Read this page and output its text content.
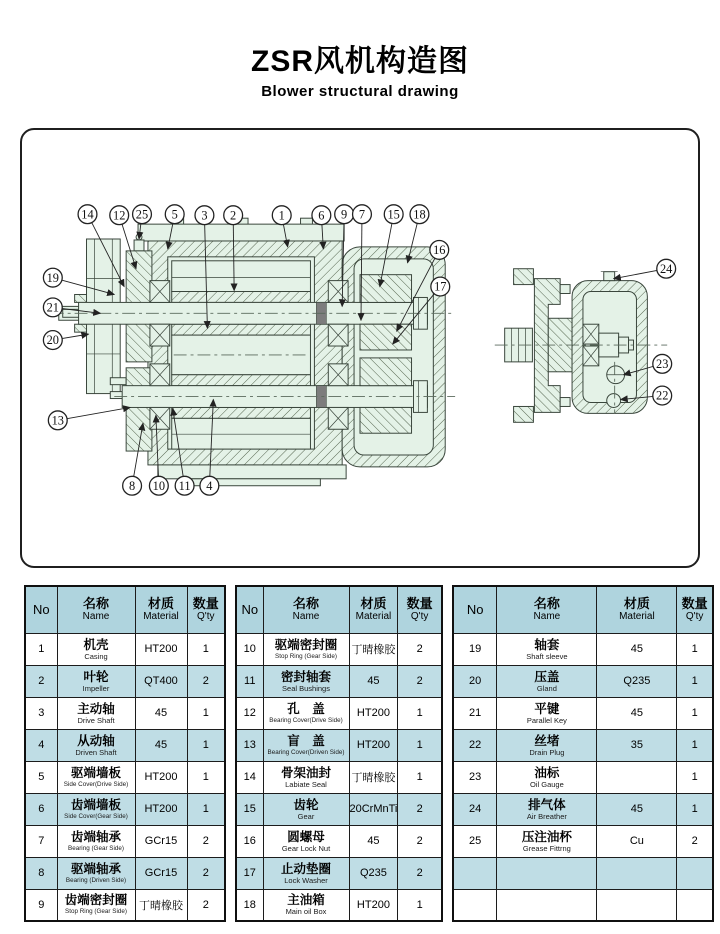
ZSR风机构造图
Blower structural drawing
14 12 25 5 3 2	1	6 9 7 15 18
16
17
19
21
20
13
8 10 11 4
24
23
22
No	名称
Name

材质
Material

数量
Q'ty

1	机壳
Casing	HT200	1
2	叶轮
Impeller	QT400	2
3	主动轴
Drive Shaft	45	1
4	从动轴
Driven Shaft	45	1
5	驱端墙板
Side Cover(Drive Side)	HT200	1
6	齿端墙板
Side Cover(Gear Side)	HT200	1
7	齿端轴承
Bearing (Gear Side)	GCr15	2
8	驱端轴承
Bearing (Driven Side)	GCr15	2
9	齿端密封圈
Stop Ring (Gear Side)	丁晴橡胶	2
No	名称
Name

材质
Material

数量
Q'ty

10	驱端密封圈
Stop Ring (Gear Side)	丁晴橡胶	2
11	密封轴套
Seal Bushings	45	2
12	孔　盖
Bearing Cover(Drive Side)	HT200	1
13	盲　盖
Bearing Cover(Driven Side)	HT200	1
14	骨架油封
Labiate Seal	丁晴橡胶	1
15	齿轮
Gear	20CrMnTi	2
16	圆螺母
Gear Lock Nut	45	2
17	止动垫圈
Lock Washer	Q235	2
18	主油箱
Main oil Box	HT200	1
No	名称
Name

材质
Material

数量
Q'ty

19	轴套
Shaft sleeve	45	1
20	压盖
Gland	Q235	1
21	平键
Parallel Key	45	1
22	丝堵
Drain Plug	35	1
23	油标
Oil Gauge		1
24	排气体
Air Breather	45	1
25	压注油杯
Grease Fittrng	Cu	2
